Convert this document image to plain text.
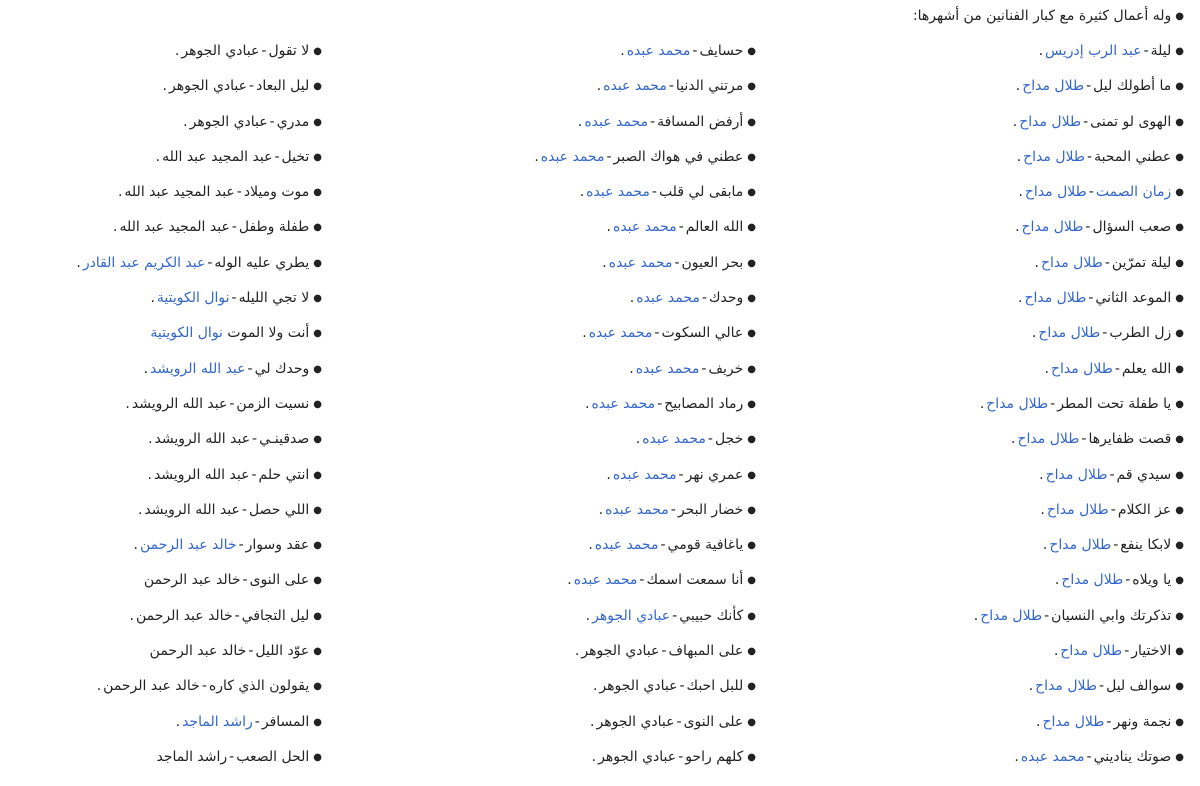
●وله أعمال كثيرة مع كبار الفنانين من أشهرها:
●ليلة-عبد الرب إدريس.
●ما أطولك ليل-طلال مداح.
●الهوى لو تمنى-طلال مداح.
●عطني المحبة-طلال مداح.
●زمان الصمت-طلال مداح.
●صعب السؤال-طلال مداح.
●ليلة تمرّين-طلال مداح.
●الموعد الثاني-طلال مداح.
●زل الطرب-طلال مداح.
●الله يعلم-طلال مداح.
●يا طفلة تحت المطر-طلال مداح.
●قصت ظفايرها-طلال مداح.
●سيدي قم-طلال مداح.
●عز الكلام-طلال مداح.
●لابكا ينفع-طلال مداح.
●يا ويلاه-طلال مداح.
●تذكرتك وابي النسيان-طلال مداح.
●الاختيار-طلال مداح.
●سوالف ليل-طلال مداح.
●نجمة ونهر-طلال مداح.
●صوتك يناديني-محمد عبده.
●حسايف-محمد عبده.
●مرتني الدنيا-محمد عبده.
●أرفض المسافة-محمد عبده.
●عطني في هواك الصبر-محمد عبده.
●مابقى لي قلب-محمد عبده.
●الله العالم-محمد عبده.
●بحر العيون-محمد عبده.
●وحدك-محمد عبده.
●عالي السكوت-محمد عبده.
●خريف-محمد عبده.
●رماد المصابيح-محمد عبده.
●خجل-محمد عبده.
●عمري نهر-محمد عبده.
●خضار البحر-محمد عبده.
●ياغافية قومي-محمد عبده.
●أنا سمعت اسمك-محمد عبده.
●كأنك حبيبي-عبادي الجوهر.
●على المبهاف-عبادي الجوهر.
●للبل احبك-عبادي الجوهر.
●على النوى-عبادي الجوهر.
●كلهم راحو-عبادي الجوهر.
●لا تقول-عبادي الجوهر.
●ليل البعاد-عبادي الجوهر.
●مدري-عبادي الجوهر.
●تخيل-عبد المجيد عبد الله.
●موت وميلاد-عبد المجيد عبد الله.
●طفلة وطفل-عبد المجيد عبد الله.
●يطري عليه الوله-عبد الكريم عبد القادر.
●لا تجي الليله-نوال الكويتية.
●أنت ولا الموت نوال الكويتية
●وحدك لي-عبد الله الرويشد.
●نسيت الزمن-عبد الله الرويشد.
●صدقينـي-عبد الله الرويشد.
●انتي حلم-عبد الله الرويشد.
●اللي حصل-عبد الله الرويشد.
●عقد وسوار-خالد عبد الرحمن.
●على النوى-خالد عبد الرحمن
●ليل التجافي-خالد عبد الرحمن.
●عوّد الليل-خالد عبد الرحمن
●يقولون الذي كاره-خالد عبد الرحمن.
●المسافر-راشد الماجد.
●الحل الصعب-راشد الماجد
